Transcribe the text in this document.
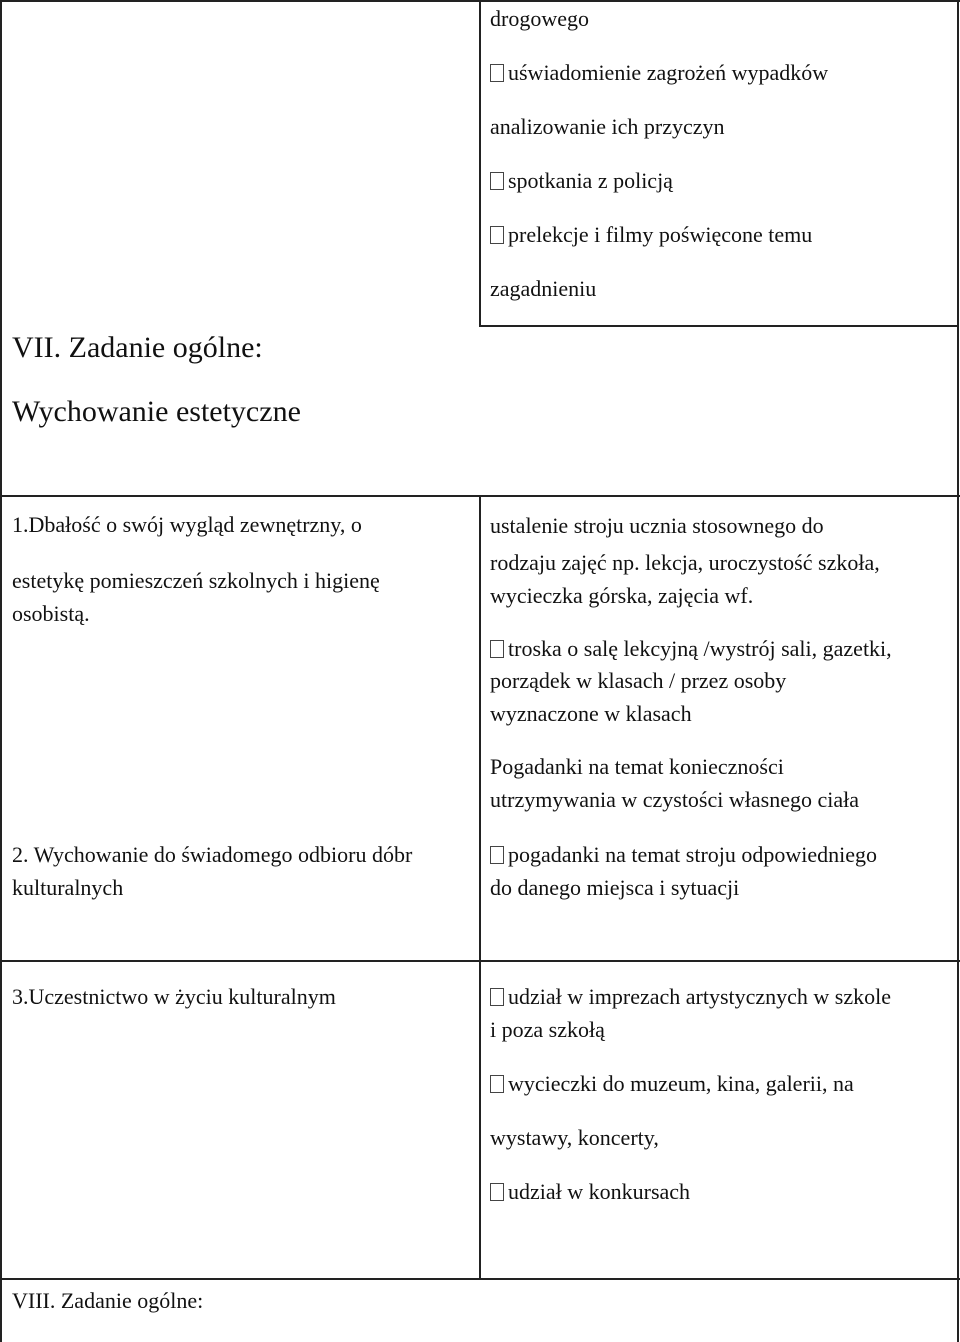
drogowego
uświadomienie zagrożeń wypadków
analizowanie ich przyczyn
spotkania z policją
prelekcje i filmy poświęcone temu
zagadnieniu
VII. Zadanie ogólne:
Wychowanie estetyczne
1.Dbałość o swój wygląd zewnętrzny, o
estetykę pomieszczeń szkolnych i higienę
osobistą.
ustalenie stroju ucznia stosownego do
rodzaju zajęć np. lekcja, uroczystość szkoła,
wycieczka górska, zajęcia wf.
troska o salę lekcyjną /wystrój sali, gazetki,
porządek w klasach / przez osoby
wyznaczone w klasach
Pogadanki na temat konieczności
utrzymywania w czystości własnego ciała
2. Wychowanie do świadomego odbioru dóbr
kulturalnych
pogadanki na temat stroju odpowiedniego
do danego miejsca i sytuacji
3.Uczestnictwo w życiu kulturalnym	udział w imprezach artystycznych w szkole
i poza szkołą
wycieczki do muzeum, kina, galerii, na
wystawy, koncerty,
udział w konkursach
VIII. Zadanie ogólne:
